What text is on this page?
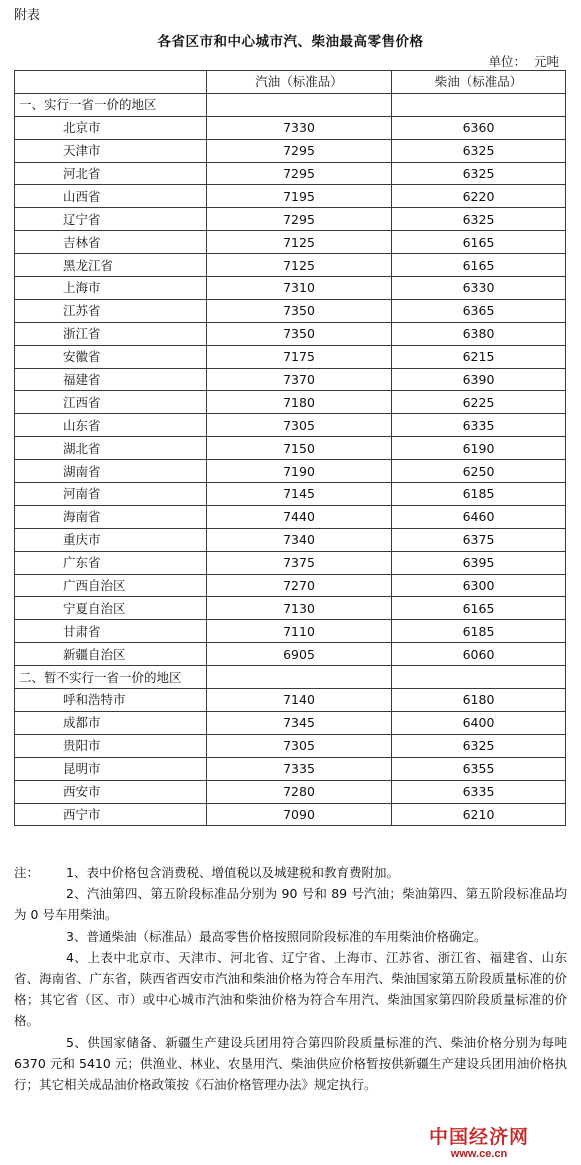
附表
各省区市和中心城市汽、柴油最高零售价格
单位： 元吨
	汽油（标准品）	柴油（标准品）
一、实行一省一价的地区		
北京市	7330	6360
天津市	7295	6325
河北省	7295	6325
山西省	7195	6220
辽宁省	7295	6325
吉林省	7125	6165
黑龙江省	7125	6165
上海市	7310	6330
江苏省	7350	6365
浙江省	7350	6380
安徽省	7175	6215
福建省	7370	6390
江西省	7180	6225
山东省	7305	6335
湖北省	7150	6190
湖南省	7190	6250
河南省	7145	6185
海南省	7440	6460
重庆市	7340	6375
广东省	7375	6395
广西自治区	7270	6300
宁夏自治区	7130	6165
甘肃省	7110	6185
新疆自治区	6905	6060
二、暂不实行一省一价的地区		
呼和浩特市	7140	6180
成都市	7345	6400
贵阳市	7305	6325
昆明市	7335	6355
西安市	7280	6335
西宁市	7090	6210

注： 1、表中价格包含消费税、增值税以及城建税和教育费附加。

2、汽油第四、第五阶段标准品分别为 90 号和 89 号汽油；柴油第四、第五阶段标准品均为 0 号车用柴油。

3、普通柴油（标准品）最高零售价格按照同阶段标准的车用柴油价格确定。

4、上表中北京市、天津市、河北省、辽宁省、上海市、江苏省、浙江省、福建省、山东省、海南省、广东省，陕西省西安市汽油和柴油价格为符合车用汽、柴油国家第五阶段质量标准的价格；其它省（区、市）或中心城市汽油和柴油价格为符合车用汽、柴油国家第四阶段质量标准的价格。

5、供国家储备、新疆生产建设兵团用符合第四阶段质量标准的汽、柴油价格分别为每吨 6370 元和 5410 元；供渔业、林业、农垦用汽、柴油供应价格暂按供新疆生产建设兵团用油价格执行；其它相关成品油价格政策按《石油价格管理办法》规定执行。

中国经济网
www.ce.cn
